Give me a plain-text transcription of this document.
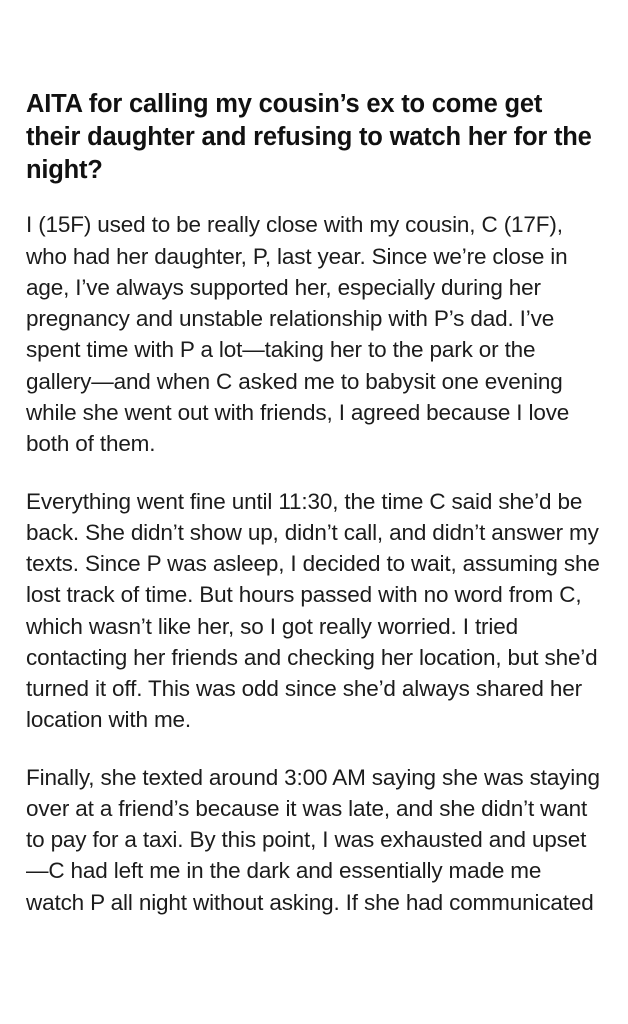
AITA for calling my cousin’s ex to come get their daughter and refusing to watch her for the night?

I (15F) used to be really close with my cousin, C (17F), who had her daughter, P, last year. Since we’re close in age, I’ve always supported her, especially during her pregnancy and unstable relationship with P’s dad. I’ve spent time with P a lot—taking her to the park or the gallery—and when C asked me to babysit one evening while she went out with friends, I agreed because I love both of them.

Everything went fine until 11:30, the time C said she’d be back. She didn’t show up, didn’t call, and didn’t answer my texts. Since P was asleep, I decided to wait, assuming she lost track of time. But hours passed with no word from C, which wasn’t like her, so I got really worried. I tried contacting her friends and checking her location, but she’d turned it off. This was odd since she’d always shared her location with me.

Finally, she texted around 3:00 AM saying she was staying over at a friend’s because it was late, and she didn’t want to pay for a taxi. By this point, I was exhausted and upset—C had left me in the dark and essentially made me watch P all night without asking. If she had communicated
